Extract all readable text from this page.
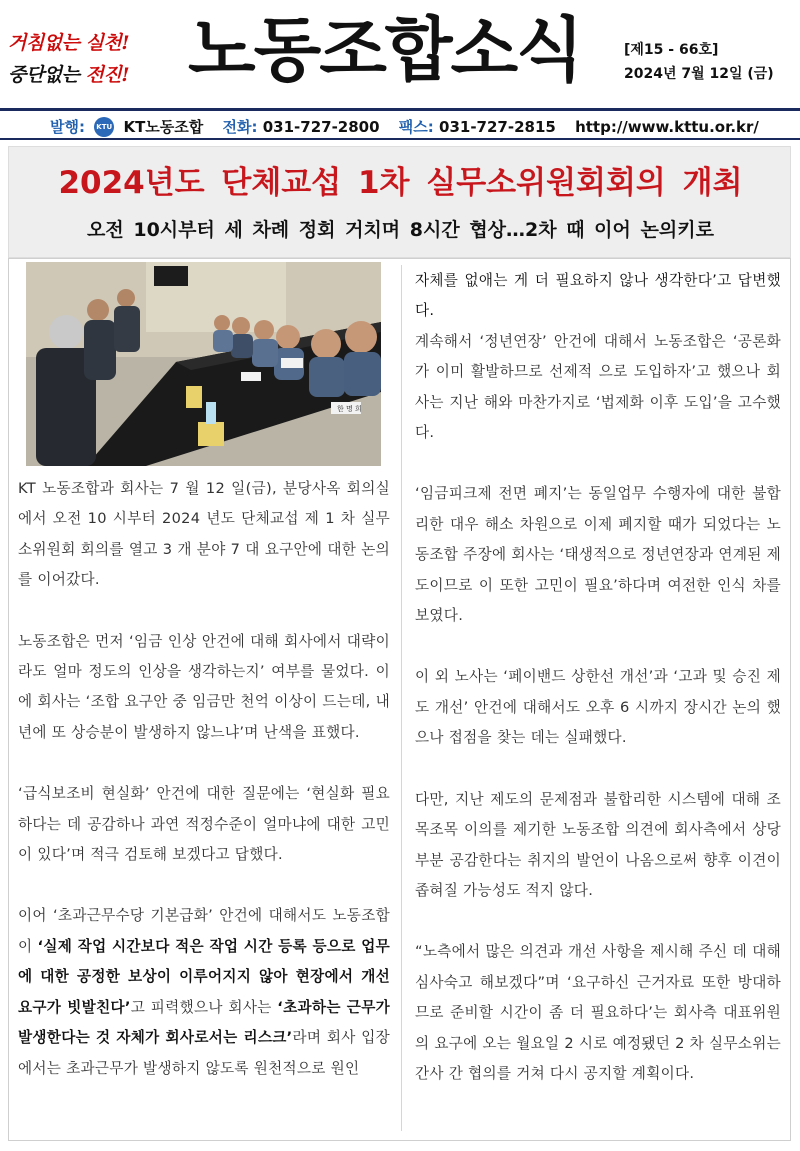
거침없는 실천!
중단없는 전진! 노동조합소식	[제15 - 66호]
2024년 7월 12일 (금)
발행: KTU KT노동조합 전화: 031-727-2800 팩스: 031-727-2815 http://www.kttu.or.kr/
2024년도 단체교섭 1차 실무소위원회회의 개최
오전 10시부터 세 차례 정회 거치며 8시간 협상…2차 때 이어 논의키로
한 명 희

KT 노동조합과 회사는 7 월 12 일(금), 분당사옥 회의실에서 오전 10 시부터 2024 년도 단체교섭 제 1 차 실무 소위원회 회의를 열고 3 개 분야 7 대 요구안에 대한 논의를 이어갔다.

노동조합은 먼저 ‘임금 인상 안건에 대해 회사에서 대략이라도 얼마 정도의 인상을 생각하는지’ 여부를 물었다. 이에 회사는 ‘조합 요구안 중 임금만 천억 이상이 드는데, 내년에 또 상승분이 발생하지 않느냐’며 난색을 표했다.

‘급식보조비 현실화’ 안건에 대한 질문에는 ‘현실화 필요하다는 데 공감하나 과연 적정수준이 얼마냐에 대한 고민이 있다’며 적극 검토해 보겠다고 답했다.

이어 ‘초과근무수당 기본급화’ 안건에 대해서도 노동조합이 ‘실제 작업 시간보다 적은 작업 시간 등록 등으로 업무에 대한 공정한 보상이 이루어지지 않아 현장에서 개선 요구가 빗발친다’고 피력했으나 회사는 ‘초과하는 근무가 발생한다는 것 자체가 회사로서는 리스크’라며 회사 입장에서는 초과근무가 발생하지 않도록 원천적으로 원인

자체를 없애는 게 더 필요하지 않나 생각한다’고 답변했다.

계속해서 ‘정년연장’ 안건에 대해서 노동조합은 ‘공론화가 이미 활발하므로 선제적 으로 도입하자’고 했으나 회사는 지난 해와 마찬가지로 ‘법제화 이후 도입’을 고수했다.

‘임금피크제 전면 폐지’는 동일업무 수행자에 대한 불합리한 대우 해소 차원으로 이제 폐지할 때가 되었다는 노동조합 주장에 회사는 ‘태생적으로 정년연장과 연계된 제도이므로 이 또한 고민이 필요’하다며 여전한 인식 차를 보였다.

이 외 노사는 ‘페이밴드 상한선 개선’과 ‘고과 및 승진 제도 개선’ 안건에 대해서도 오후 6 시까지 장시간 논의 했으나 접점을 찾는 데는 실패했다.

다만, 지난 제도의 문제점과 불합리한 시스템에 대해 조목조목 이의를 제기한 노동조합 의견에 회사측에서 상당부분 공감한다는 취지의 발언이 나옴으로써 향후 이견이 좁혀질 가능성도 적지 않다.

“노측에서 많은 의견과 개선 사항을 제시해 주신 데 대해 심사숙고 해보겠다”며 ‘요구하신 근거자료 또한 방대하므로 준비할 시간이 좀 더 필요하다’는 회사측 대표위원의 요구에 오는 월요일 2 시로 예정됐던 2 차 실무소위는 간사 간 협의를 거쳐 다시 공지할 계획이다.
